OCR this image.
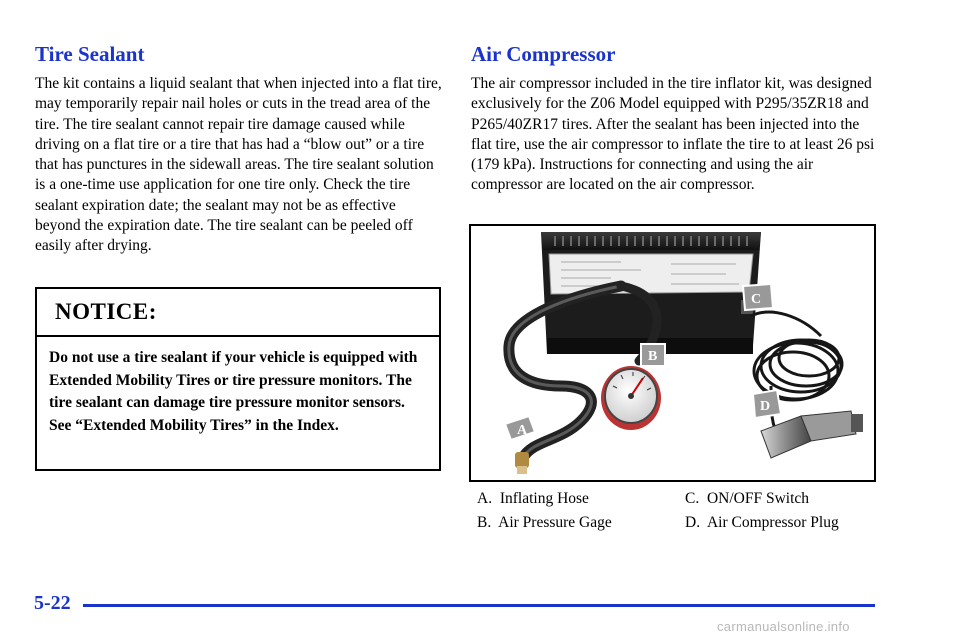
Tire Sealant

The kit contains a liquid sealant that when injected into a flat tire, may temporarily repair nail holes or cuts in the tread area of the tire. The tire sealant cannot repair tire damage caused while driving on a flat tire or a tire that has had a “blow out” or a tire that has punctures in the sidewall areas. The tire sealant solution is a one-time use application for one tire only. Check the tire sealant expiration date; the sealant may not be as effective beyond the expiration date. The tire sealant can be peeled off easily after drying.

NOTICE:
Do not use a tire sealant if your vehicle is equipped with Extended Mobility Tires or tire pressure monitors. The tire sealant can damage tire pressure monitor sensors. See “Extended Mobility Tires” in the Index.
Air Compressor

The air compressor included in the tire inflator kit, was designed exclusively for the Z06 Model equipped with P295/35ZR18 and P265/40ZR17 tires. After the sealant has been injected into the flat tire, use the air compressor to inflate the tire to at least 26 psi (179 kPa). Instructions for connecting and using the air compressor are located on the air compressor.

A
B
C
D
A. Inflating Hose
B. Air Pressure Gage
C. ON/OFF Switch
D. Air Compressor Plug
5-22
carmanualsonline.info
